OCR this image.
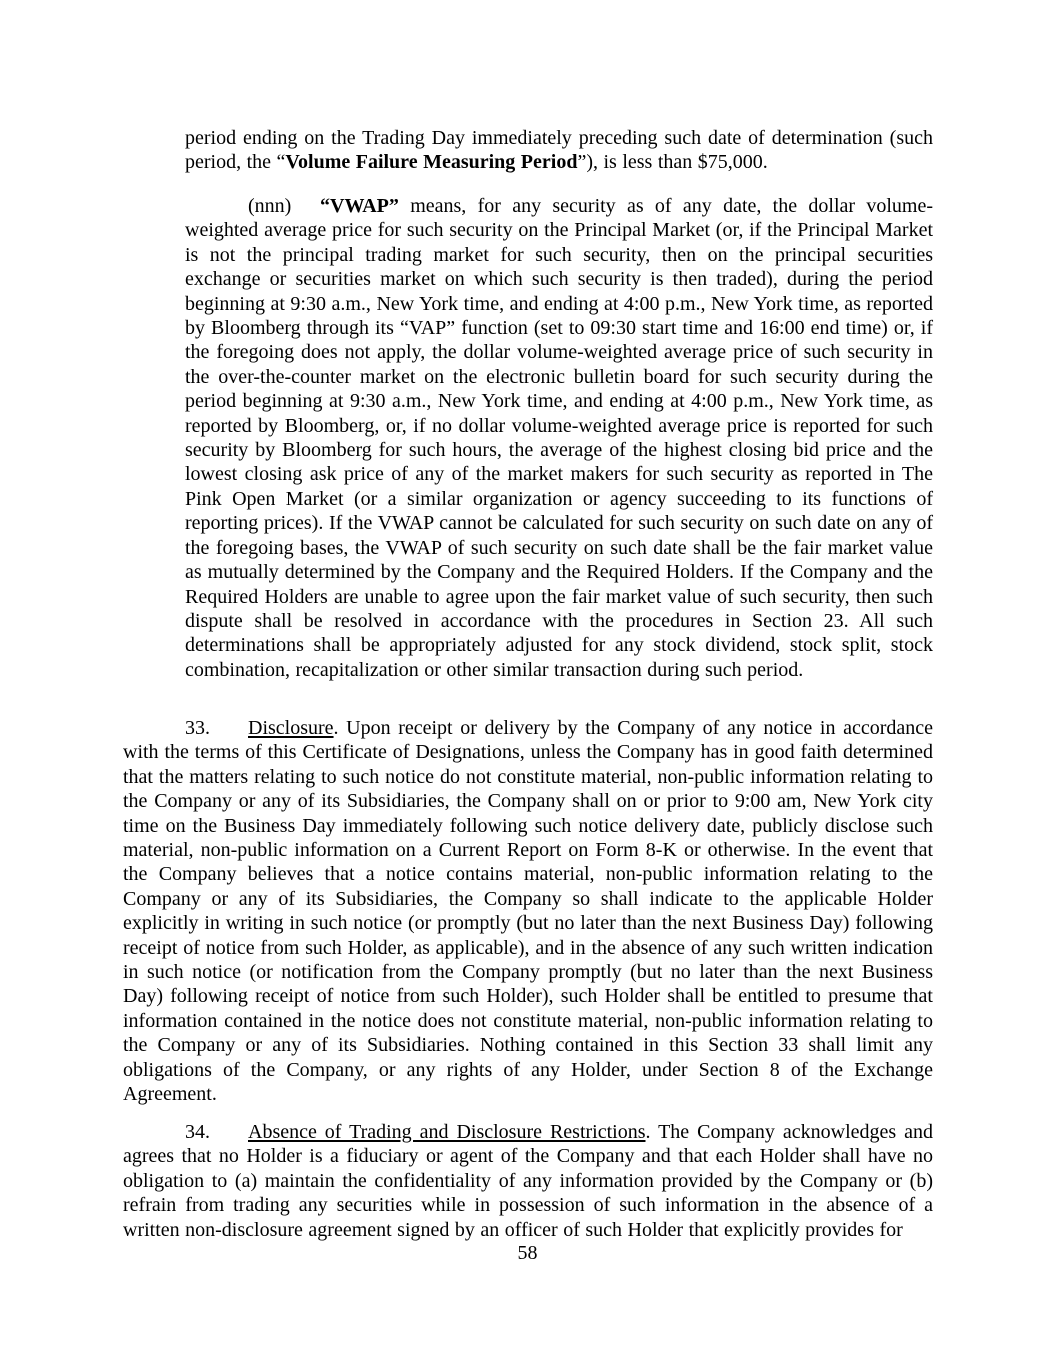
period ending on the Trading Day immediately preceding such date of determination (such period, the “Volume Failure Measuring Period”), is less than $75,000.

(nnn) “VWAP” means, for any security as of any date, the dollar volume-weighted average price for such security on the Principal Market (or, if the Principal Market is not the principal trading market for such security, then on the principal securities exchange or securities market on which such security is then traded), during the period beginning at 9:30 a.m., New York time, and ending at 4:00 p.m., New York time, as reported by Bloomberg through its “VAP” function (set to 09:30 start time and 16:00 end time) or, if the foregoing does not apply, the dollar volume-weighted average price of such security in the over-the-counter market on the electronic bulletin board for such security during the period beginning at 9:30 a.m., New York time, and ending at 4:00 p.m., New York time, as reported by Bloomberg, or, if no dollar volume-weighted average price is reported for such security by Bloomberg for such hours, the average of the highest closing bid price and the lowest closing ask price of any of the market makers for such security as reported in The Pink Open Market (or a similar organization or agency succeeding to its functions of reporting prices). If the VWAP cannot be calculated for such security on such date on any of the foregoing bases, the VWAP of such security on such date shall be the fair market value as mutually determined by the Company and the Required Holders. If the Company and the Required Holders are unable to agree upon the fair market value of such security, then such dispute shall be resolved in accordance with the procedures in Section 23. All such determinations shall be appropriately adjusted for any stock dividend, stock split, stock combination, recapitalization or other similar transaction during such period.

33. Disclosure. Upon receipt or delivery by the Company of any notice in accordance with the terms of this Certificate of Designations, unless the Company has in good faith determined that the matters relating to such notice do not constitute material, non-public information relating to the Company or any of its Subsidiaries, the Company shall on or prior to 9:00 am, New York city time on the Business Day immediately following such notice delivery date, publicly disclose such material, non-public information on a Current Report on Form 8-K or otherwise. In the event that the Company believes that a notice contains material, non-public information relating to the Company or any of its Subsidiaries, the Company so shall indicate to the applicable Holder explicitly in writing in such notice (or promptly (but no later than the next Business Day) following receipt of notice from such Holder, as applicable), and in the absence of any such written indication in such notice (or notification from the Company promptly (but no later than the next Business Day) following receipt of notice from such Holder), such Holder shall be entitled to presume that information contained in the notice does not constitute material, non-public information relating to the Company or any of its Subsidiaries. Nothing contained in this Section 33 shall limit any obligations of the Company, or any rights of any Holder, under Section 8 of the Exchange Agreement.

34. Absence of Trading and Disclosure Restrictions. The Company acknowledges and agrees that no Holder is a fiduciary or agent of the Company and that each Holder shall have no obligation to (a) maintain the confidentiality of any information provided by the Company or (b) refrain from trading any securities while in possession of such information in the absence of a written non-disclosure agreement signed by an officer of such Holder that explicitly provides for

58
